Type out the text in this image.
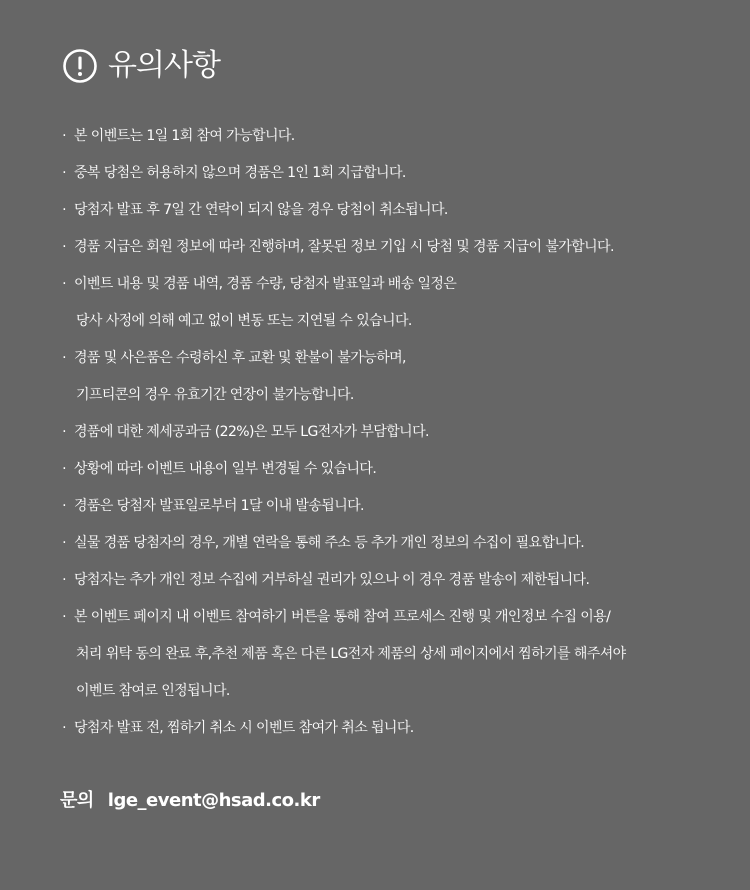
유의사항
· 본 이벤트는 1일 1회 참여 가능합니다.
· 중복 당첨은 허용하지 않으며 경품은 1인 1회 지급합니다.
· 당첨자 발표 후 7일 간 연락이 되지 않을 경우 당첨이 취소됩니다.
· 경품 지급은 회원 정보에 따라 진행하며, 잘못된 정보 기입 시 당첨 및 경품 지급이 불가합니다.
· 이벤트 내용 및 경품 내역, 경품 수량, 당첨자 발표일과 배송 일정은
당사 사정에 의해 예고 없이 변동 또는 지연될 수 있습니다.
· 경품 및 사은품은 수령하신 후 교환 및 환불이 불가능하며,
기프티콘의 경우 유효기간 연장이 불가능합니다.
· 경품에 대한 제세공과금 (22%)은 모두 LG전자가 부담합니다.
· 상황에 따라 이벤트 내용이 일부 변경될 수 있습니다.
· 경품은 당첨자 발표일로부터 1달 이내 발송됩니다.
· 실물 경품 당첨자의 경우, 개별 연락을 통해 주소 등 추가 개인 정보의 수집이 필요합니다.
· 당첨자는 추가 개인 정보 수집에 거부하실 권리가 있으나 이 경우 경품 발송이 제한됩니다.
· 본 이벤트 페이지 내 이벤트 참여하기 버튼을 통해 참여 프로세스 진행 및 개인정보 수집 이용/
처리 위탁 동의 완료 후,추천 제품 혹은 다른 LG전자 제품의 상세 페이지에서 찜하기를 해주셔야
이벤트 참여로 인정됩니다.
· 당첨자 발표 전, 찜하기 취소 시 이벤트 참여가 취소 됩니다.
문의 lge_event@hsad.co.kr
